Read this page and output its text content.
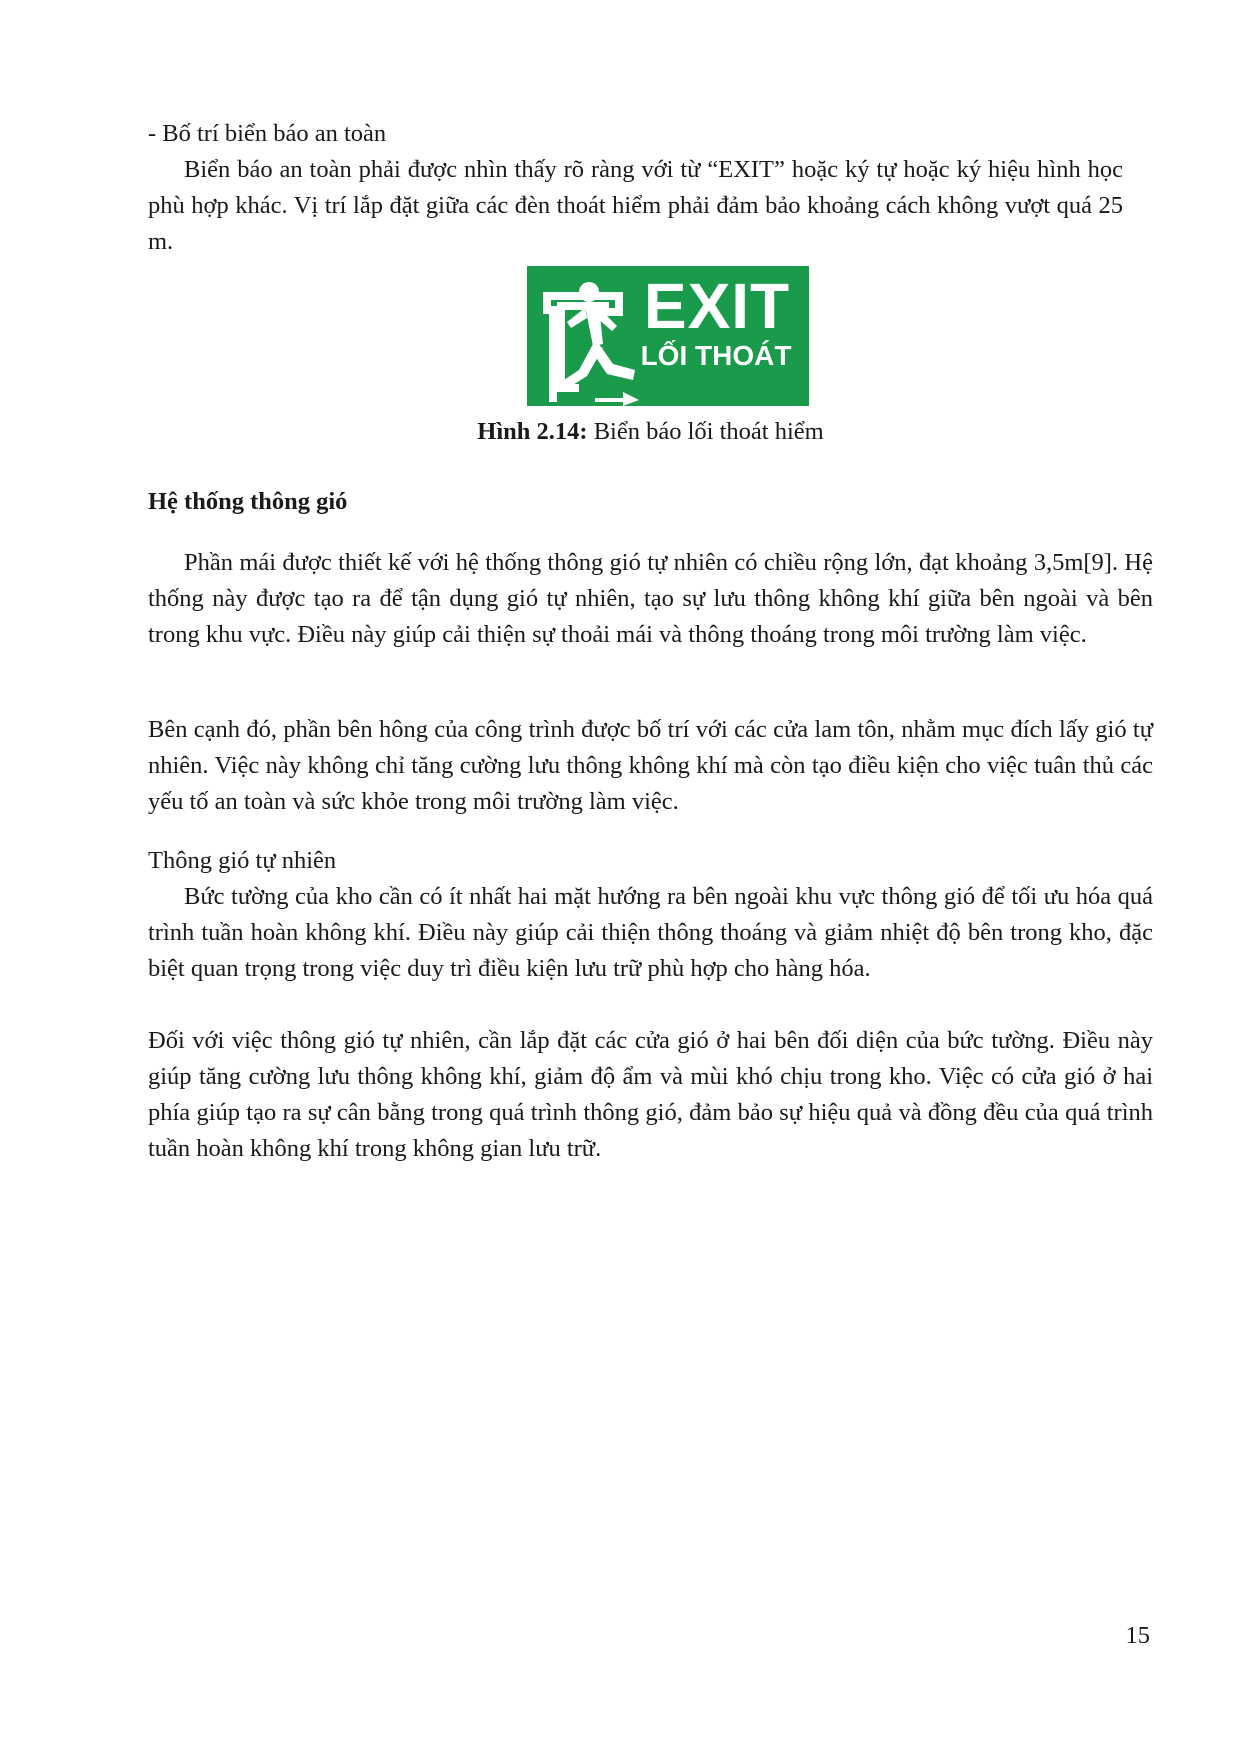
- Bố trí biển báo an toàn

Biển báo an toàn phải được nhìn thấy rõ ràng với từ “EXIT” hoặc ký tự hoặc ký hiệu hình học phù hợp khác. Vị trí lắp đặt giữa các đèn thoát hiểm phải đảm bảo khoảng cách không vượt quá 25 m.

EXIT
LỐI THOÁT
Hình 2.14: Biển báo lối thoát hiểm

Hệ thống thông gió

Phần mái được thiết kế với hệ thống thông gió tự nhiên có chiều rộng lớn, đạt khoảng 3,5m[9]. Hệ thống này được tạo ra để tận dụng gió tự nhiên, tạo sự lưu thông không khí giữa bên ngoài và bên trong khu vực. Điều này giúp cải thiện sự thoải mái và thông thoáng trong môi trường làm việc.

Bên cạnh đó, phần bên hông của công trình được bố trí với các cửa lam tôn, nhằm mục đích lấy gió tự nhiên. Việc này không chỉ tăng cường lưu thông không khí mà còn tạo điều kiện cho việc tuân thủ các yếu tố an toàn và sức khỏe trong môi trường làm việc.

Thông gió tự nhiên

Bức tường của kho cần có ít nhất hai mặt hướng ra bên ngoài khu vực thông gió để tối ưu hóa quá trình tuần hoàn không khí. Điều này giúp cải thiện thông thoáng và giảm nhiệt độ bên trong kho, đặc biệt quan trọng trong việc duy trì điều kiện lưu trữ phù hợp cho hàng hóa.

Đối với việc thông gió tự nhiên, cần lắp đặt các cửa gió ở hai bên đối diện của bức tường. Điều này giúp tăng cường lưu thông không khí, giảm độ ẩm và mùi khó chịu trong kho. Việc có cửa gió ở hai phía giúp tạo ra sự cân bằng trong quá trình thông gió, đảm bảo sự hiệu quả và đồng đều của quá trình tuần hoàn không khí trong không gian lưu trữ.

15
